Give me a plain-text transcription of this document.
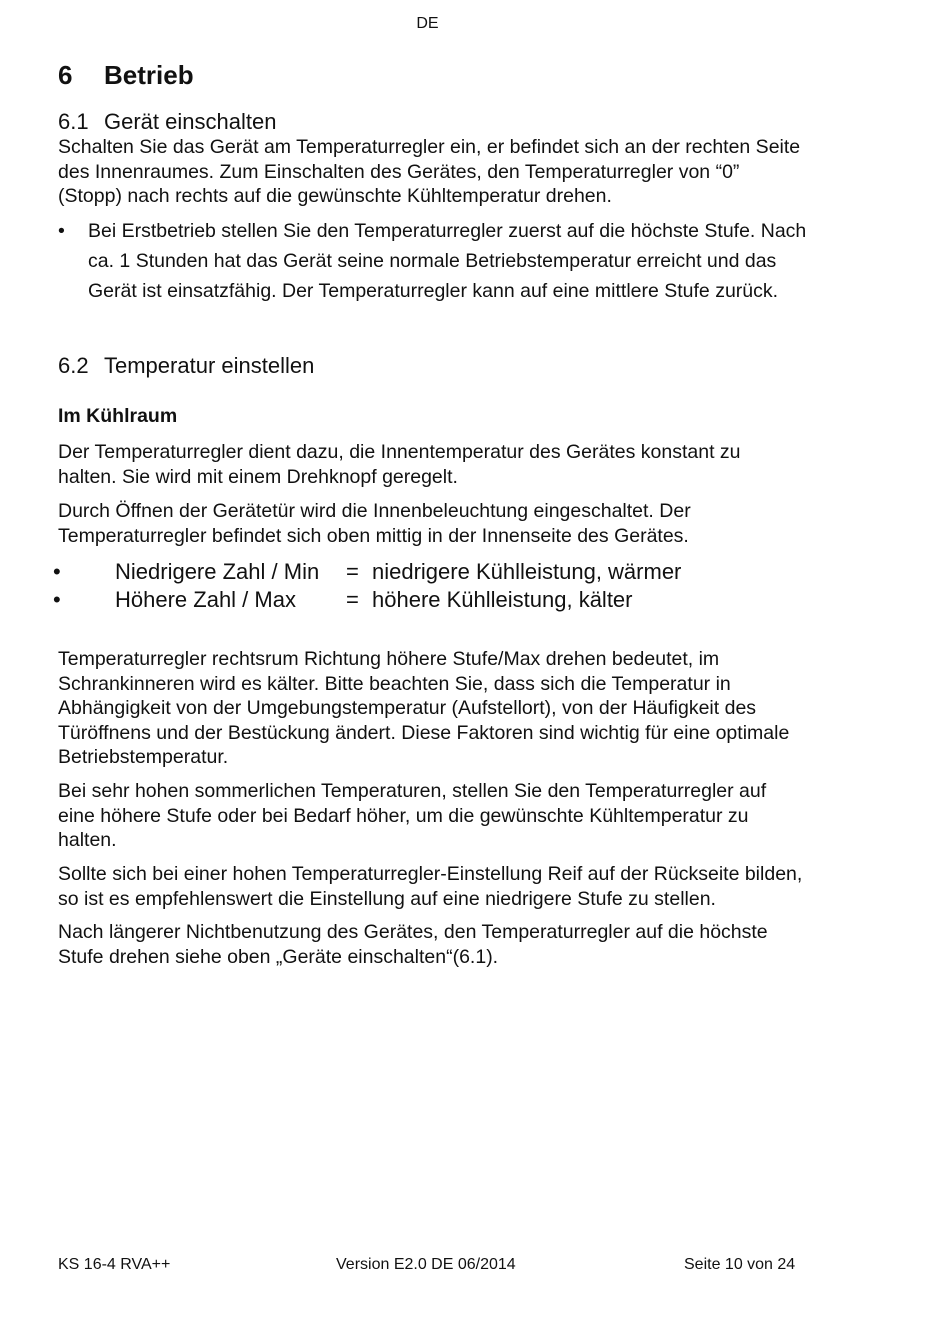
DE
6 Betrieb
6.1 Gerät einschalten
Schalten Sie das Gerät am Temperaturregler ein, er befindet sich an der rechten Seite
des Innenraumes. Zum Einschalten des Gerätes, den Temperaturregler von “0”
(Stopp) nach rechts auf die gewünschte Kühltemperatur drehen.
• Bei Erstbetrieb stellen Sie den Temperaturregler zuerst auf die höchste Stufe. Nach
ca. 1 Stunden hat das Gerät seine normale Betriebstemperatur erreicht und das
Gerät ist einsatzfähig. Der Temperaturregler kann auf eine mittlere Stufe zurück.
6.2 Temperatur einstellen
Im Kühlraum
Der Temperaturregler dient dazu, die Innentemperatur des Gerätes konstant zu
halten. Sie wird mit einem Drehknopf geregelt.
Durch Öffnen der Gerätetür wird die Innenbeleuchtung eingeschaltet. Der
Temperaturregler befindet sich oben mittig in der Innenseite des Gerätes.
• Niedrigere Zahl / Min = niedrigere Kühlleistung, wärmer
• Höhere Zahl / Max = höhere Kühlleistung, kälter
Temperaturregler rechtsrum Richtung höhere Stufe/Max drehen bedeutet, im
Schrankinneren wird es kälter. Bitte beachten Sie, dass sich die Temperatur in
Abhängigkeit von der Umgebungstemperatur (Aufstellort), von der Häufigkeit des
Türöffnens und der Bestückung ändert. Diese Faktoren sind wichtig für eine optimale
Betriebstemperatur.
Bei sehr hohen sommerlichen Temperaturen, stellen Sie den Temperaturregler auf
eine höhere Stufe oder bei Bedarf höher, um die gewünschte Kühltemperatur zu
halten.
Sollte sich bei einer hohen Temperaturregler-Einstellung Reif auf der Rückseite bilden,
so ist es empfehlenswert die Einstellung auf eine niedrigere Stufe zu stellen.
Nach längerer Nichtbenutzung des Gerätes, den Temperaturregler auf die höchste
Stufe drehen siehe oben „Geräte einschalten“(6.1).
KS 16-4 RVA++	Version E2.0 DE 06/2014	Seite 10 von 24
